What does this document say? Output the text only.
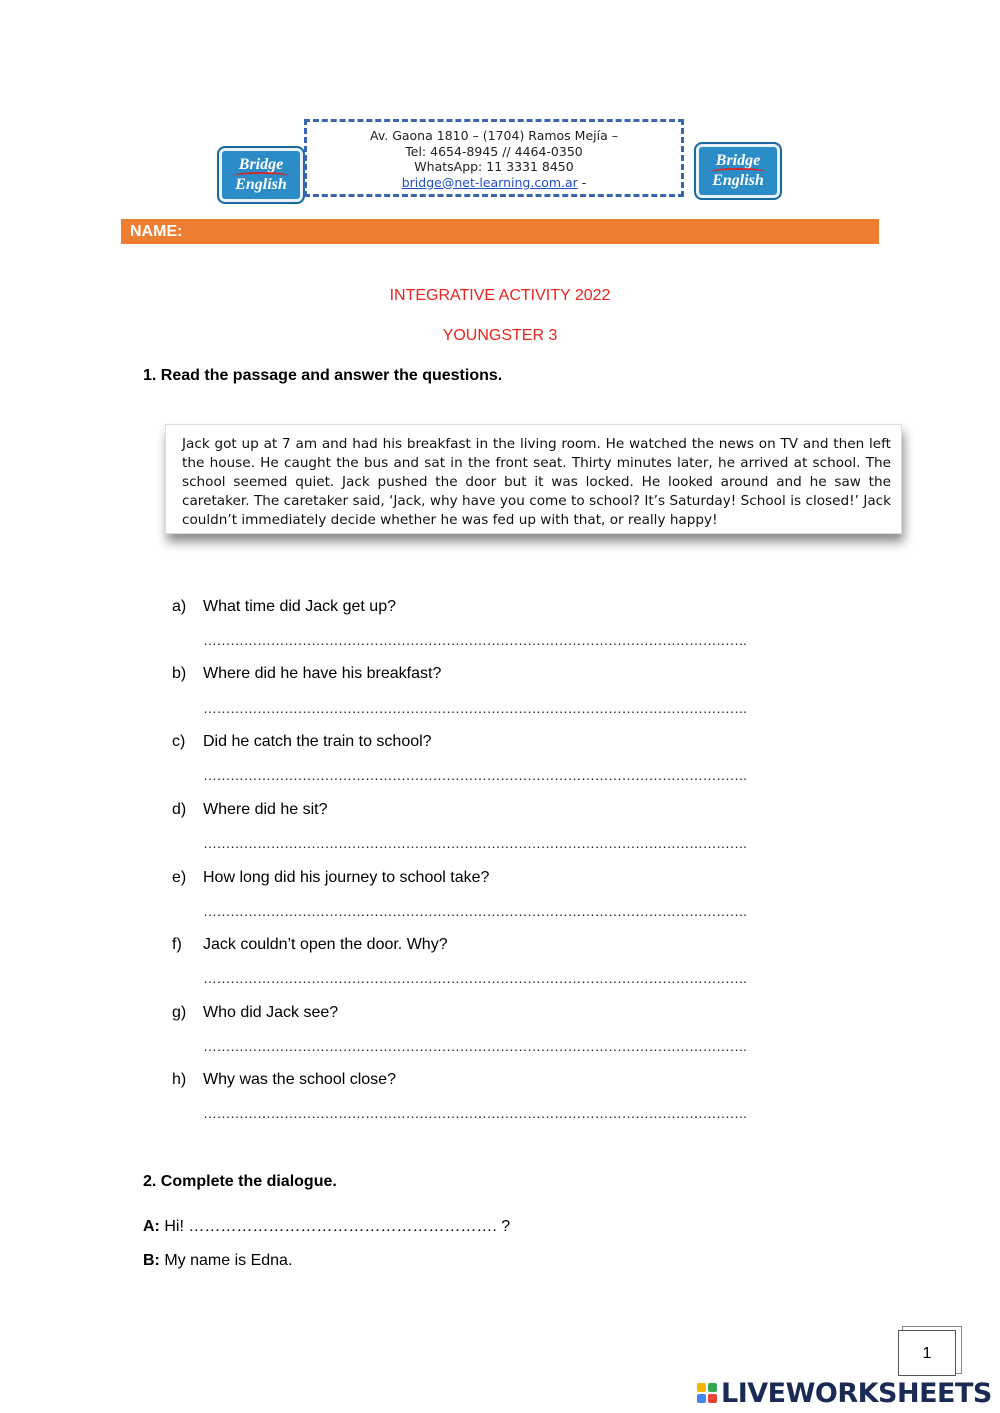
Bridge
English
Av. Gaona 1810 – (1704) Ramos Mejía –
Tel: 4654-8945 // 4464-0350
WhatsApp: 11 3331 8450
bridge@net-learning.com.ar -
Bridge
English
NAME:
INTEGRATIVE ACTIVITY 2022
YOUNGSTER 3
1. Read the passage and answer the questions.
Jack got up at 7 am and had his breakfast in the living room. He watched the news on TV and then left the house. He caught the bus and sat in the front seat. Thirty minutes later, he arrived at school. The school seemed quiet. Jack pushed the door but it was locked. He looked around and he saw the caretaker. The caretaker said, ‘Jack, why have you come to school? It’s Saturday! School is closed!’ Jack couldn’t immediately decide whether he was fed up with that, or really happy!
a) What time did Jack get up?
………………………………………………………………………………………………………….
b) Where did he have his breakfast?
………………………………………………………………………………………………………….
c) Did he catch the train to school?
………………………………………………………………………………………………………….
d) Where did he sit?
………………………………………………………………………………………………………….
e) How long did his journey to school take?
………………………………………………………………………………………………………….
f) Jack couldn’t open the door. Why?
………………………………………………………………………………………………………….
g) Who did Jack see?
………………………………………………………………………………………………………….
h) Why was the school close?
………………………………………………………………………………………………………….
2. Complete the dialogue.
A: Hi! …………………………………………………. ?
B: My name is Edna.
1
LIVEWORKSHEETS
